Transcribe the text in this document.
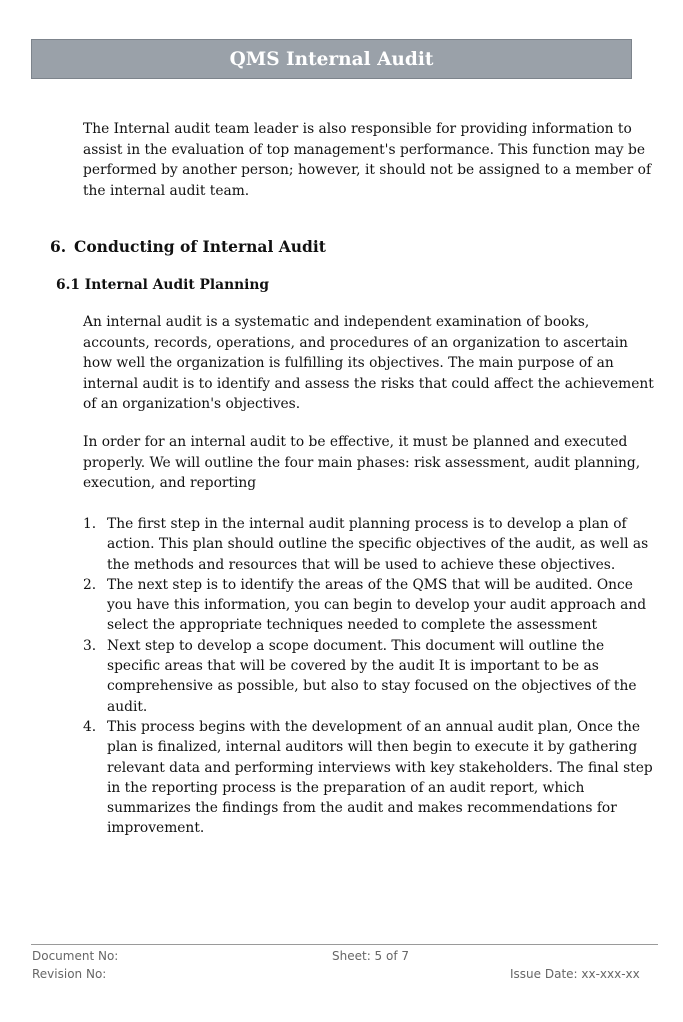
QMS Internal Audit

The Internal audit team leader is also responsible for providing information to assist in the evaluation of top management's performance. This function may be performed by another person; however, it should not be assigned to a member of the internal audit team.

6. Conducting of Internal Audit
6.1 Internal Audit Planning

An internal audit is a systematic and independent examination of books, accounts, records, operations, and procedures of an organization to ascertain how well the organization is fulfilling its objectives. The main purpose of an internal audit is to identify and assess the risks that could affect the achievement of an organization's objectives.

In order for an internal audit to be effective, it must be planned and executed properly. We will outline the four main phases: risk assessment, audit planning, execution, and reporting

1. The first step in the internal audit planning process is to develop a plan of action. This plan should outline the specific objectives of the audit, as well as the methods and resources that will be used to achieve these objectives.
2. The next step is to identify the areas of the QMS that will be audited. Once you have this information, you can begin to develop your audit approach and select the appropriate techniques needed to complete the assessment
3. Next step to develop a scope document. This document will outline the specific areas that will be covered by the audit It is important to be as comprehensive as possible, but also to stay focused on the objectives of the audit.
4. This process begins with the development of an annual audit plan, Once the plan is finalized, internal auditors will then begin to execute it by gathering relevant data and performing interviews with key stakeholders. The final step in the reporting process is the preparation of an audit report, which summarizes the findings from the audit and makes recommendations for improvement.
Document No:	Sheet: 5 of 7
Revision No:	Issue Date: xx-xxx-xx
